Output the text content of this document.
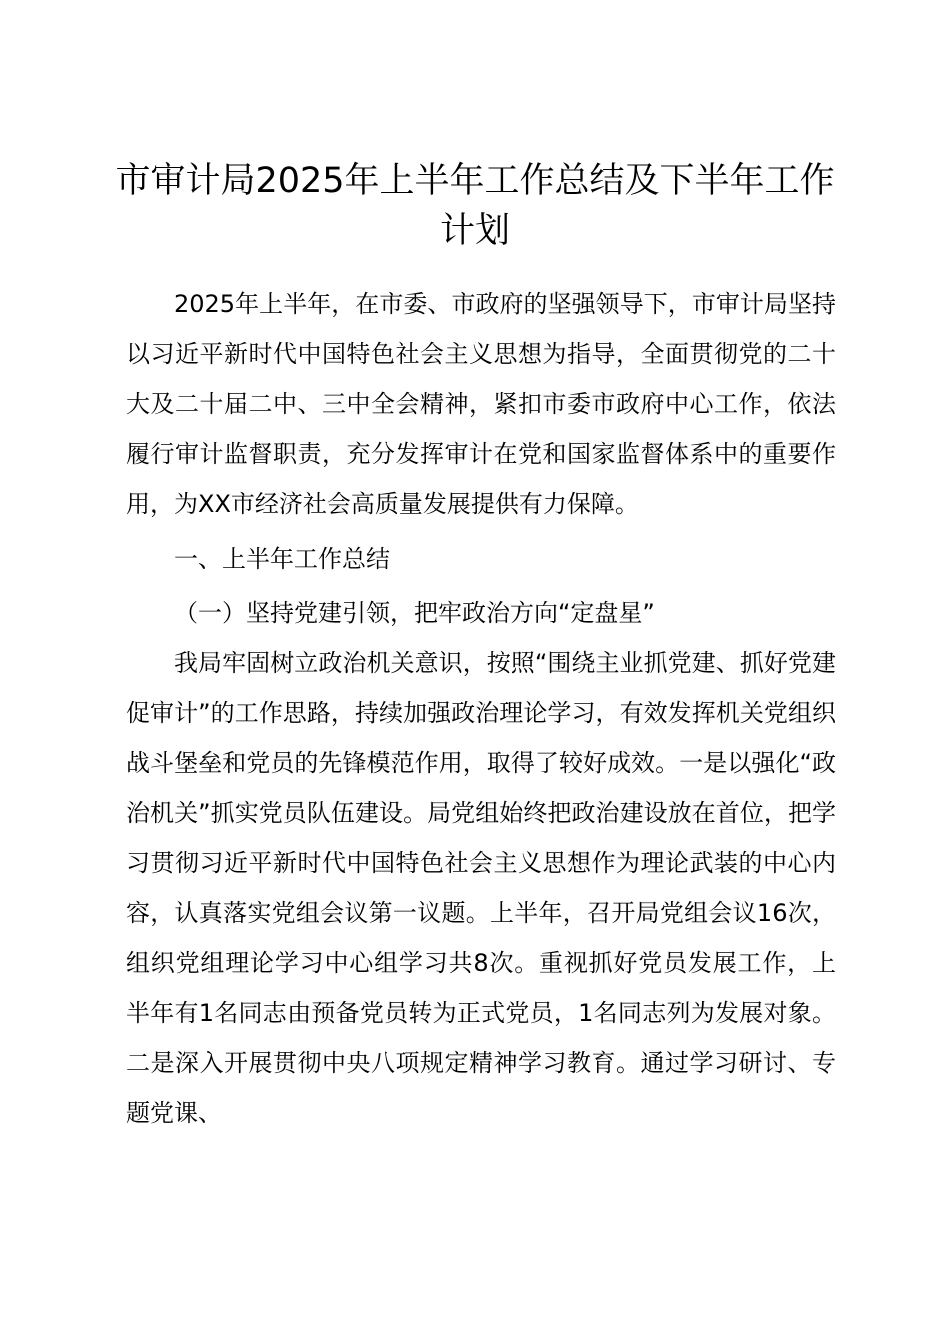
市审计局2025年上半年工作总结及下半年工作计划

2025年上半年，在市委、市政府的坚强领导下，市审计局坚持以习近平新时代中国特色社会主义思想为指导，全面贯彻党的二十大及二十届二中、三中全会精神，紧扣市委市政府中心工作，依法履行审计监督职责，充分发挥审计在党和国家监督体系中的重要作用，为XX市经济社会高质量发展提供有力保障。

一、上半年工作总结

（一）坚持党建引领，把牢政治方向“定盘星”

我局牢固树立政治机关意识，按照“围绕主业抓党建、抓好党建促审计”的工作思路，持续加强政治理论学习，有效发挥机关党组织战斗堡垒和党员的先锋模范作用，取得了较好成效。一是以强化“政治机关”抓实党员队伍建设。局党组始终把政治建设放在首位，把学习贯彻习近平新时代中国特色社会主义思想作为理论武装的中心内容，认真落实党组会议第一议题。上半年，召开局党组会议16次，组织党组理论学习中心组学习共8次。重视抓好党员发展工作，上半年有1名同志由预备党员转为正式党员，1名同志列为发展对象。二是深入开展贯彻中央八项规定精神学习教育。通过学习研讨、专题党课、
